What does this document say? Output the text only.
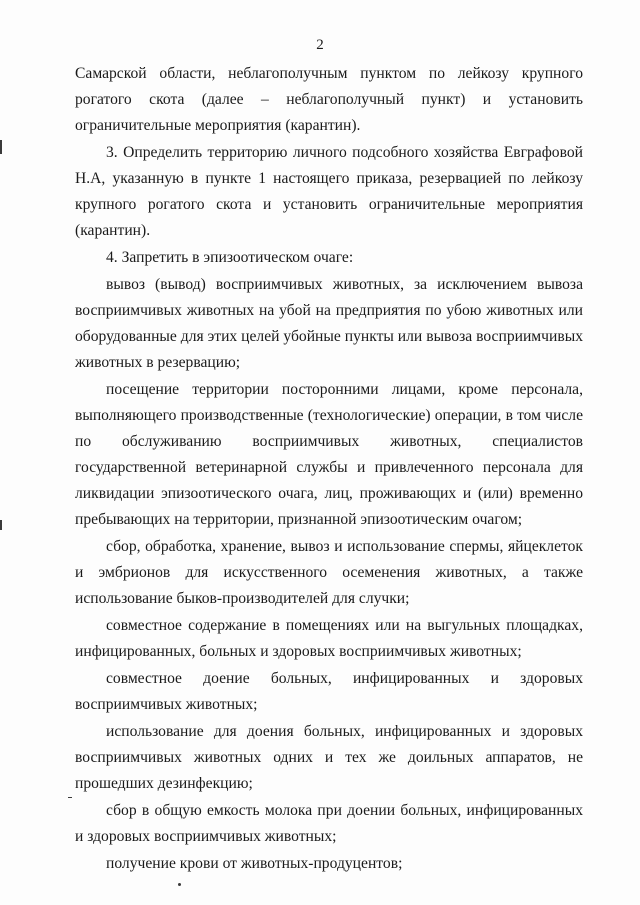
2

Самарской области, неблагополучным пунктом по лейкозу крупного рогатого скота (далее – неблагополучный пункт) и установить ограничительные мероприятия (карантин).

3. Определить территорию личного подсобного хозяйства Евграфовой Н.А, указанную в пункте 1 настоящего приказа, резервацией по лейкозу крупного рогатого скота и установить ограничительные мероприятия (карантин).

4. Запретить в эпизоотическом очаге:

вывоз (вывод) восприимчивых животных, за исключением вывоза восприимчивых животных на убой на предприятия по убою животных или оборудованные для этих целей убойные пункты или вывоза восприимчивых животных в резервацию;

посещение территории посторонними лицами, кроме персонала, выполняющего производственные (технологические) операции, в том числе по обслуживанию восприимчивых животных, специалистов государственной ветеринарной службы и привлеченного персонала для ликвидации эпизоотического очага, лиц, проживающих и (или) временно пребывающих на территории, признанной эпизоотическим очагом;

сбор, обработка, хранение, вывоз и использование спермы, яйцеклеток и эмбрионов для искусственного осеменения животных, а также использование быков-производителей для случки;

совместное содержание в помещениях или на выгульных площадках, инфицированных, больных и здоровых восприимчивых животных;

совместное доение больных, инфицированных и здоровых восприимчивых животных;

использование для доения больных, инфицированных и здоровых восприимчивых животных одних и тех же доильных аппаратов, не прошедших дезинфекцию;

сбор в общую емкость молока при доении больных, инфицированных и здоровых восприимчивых животных;

получение крови от животных-продуцентов;
